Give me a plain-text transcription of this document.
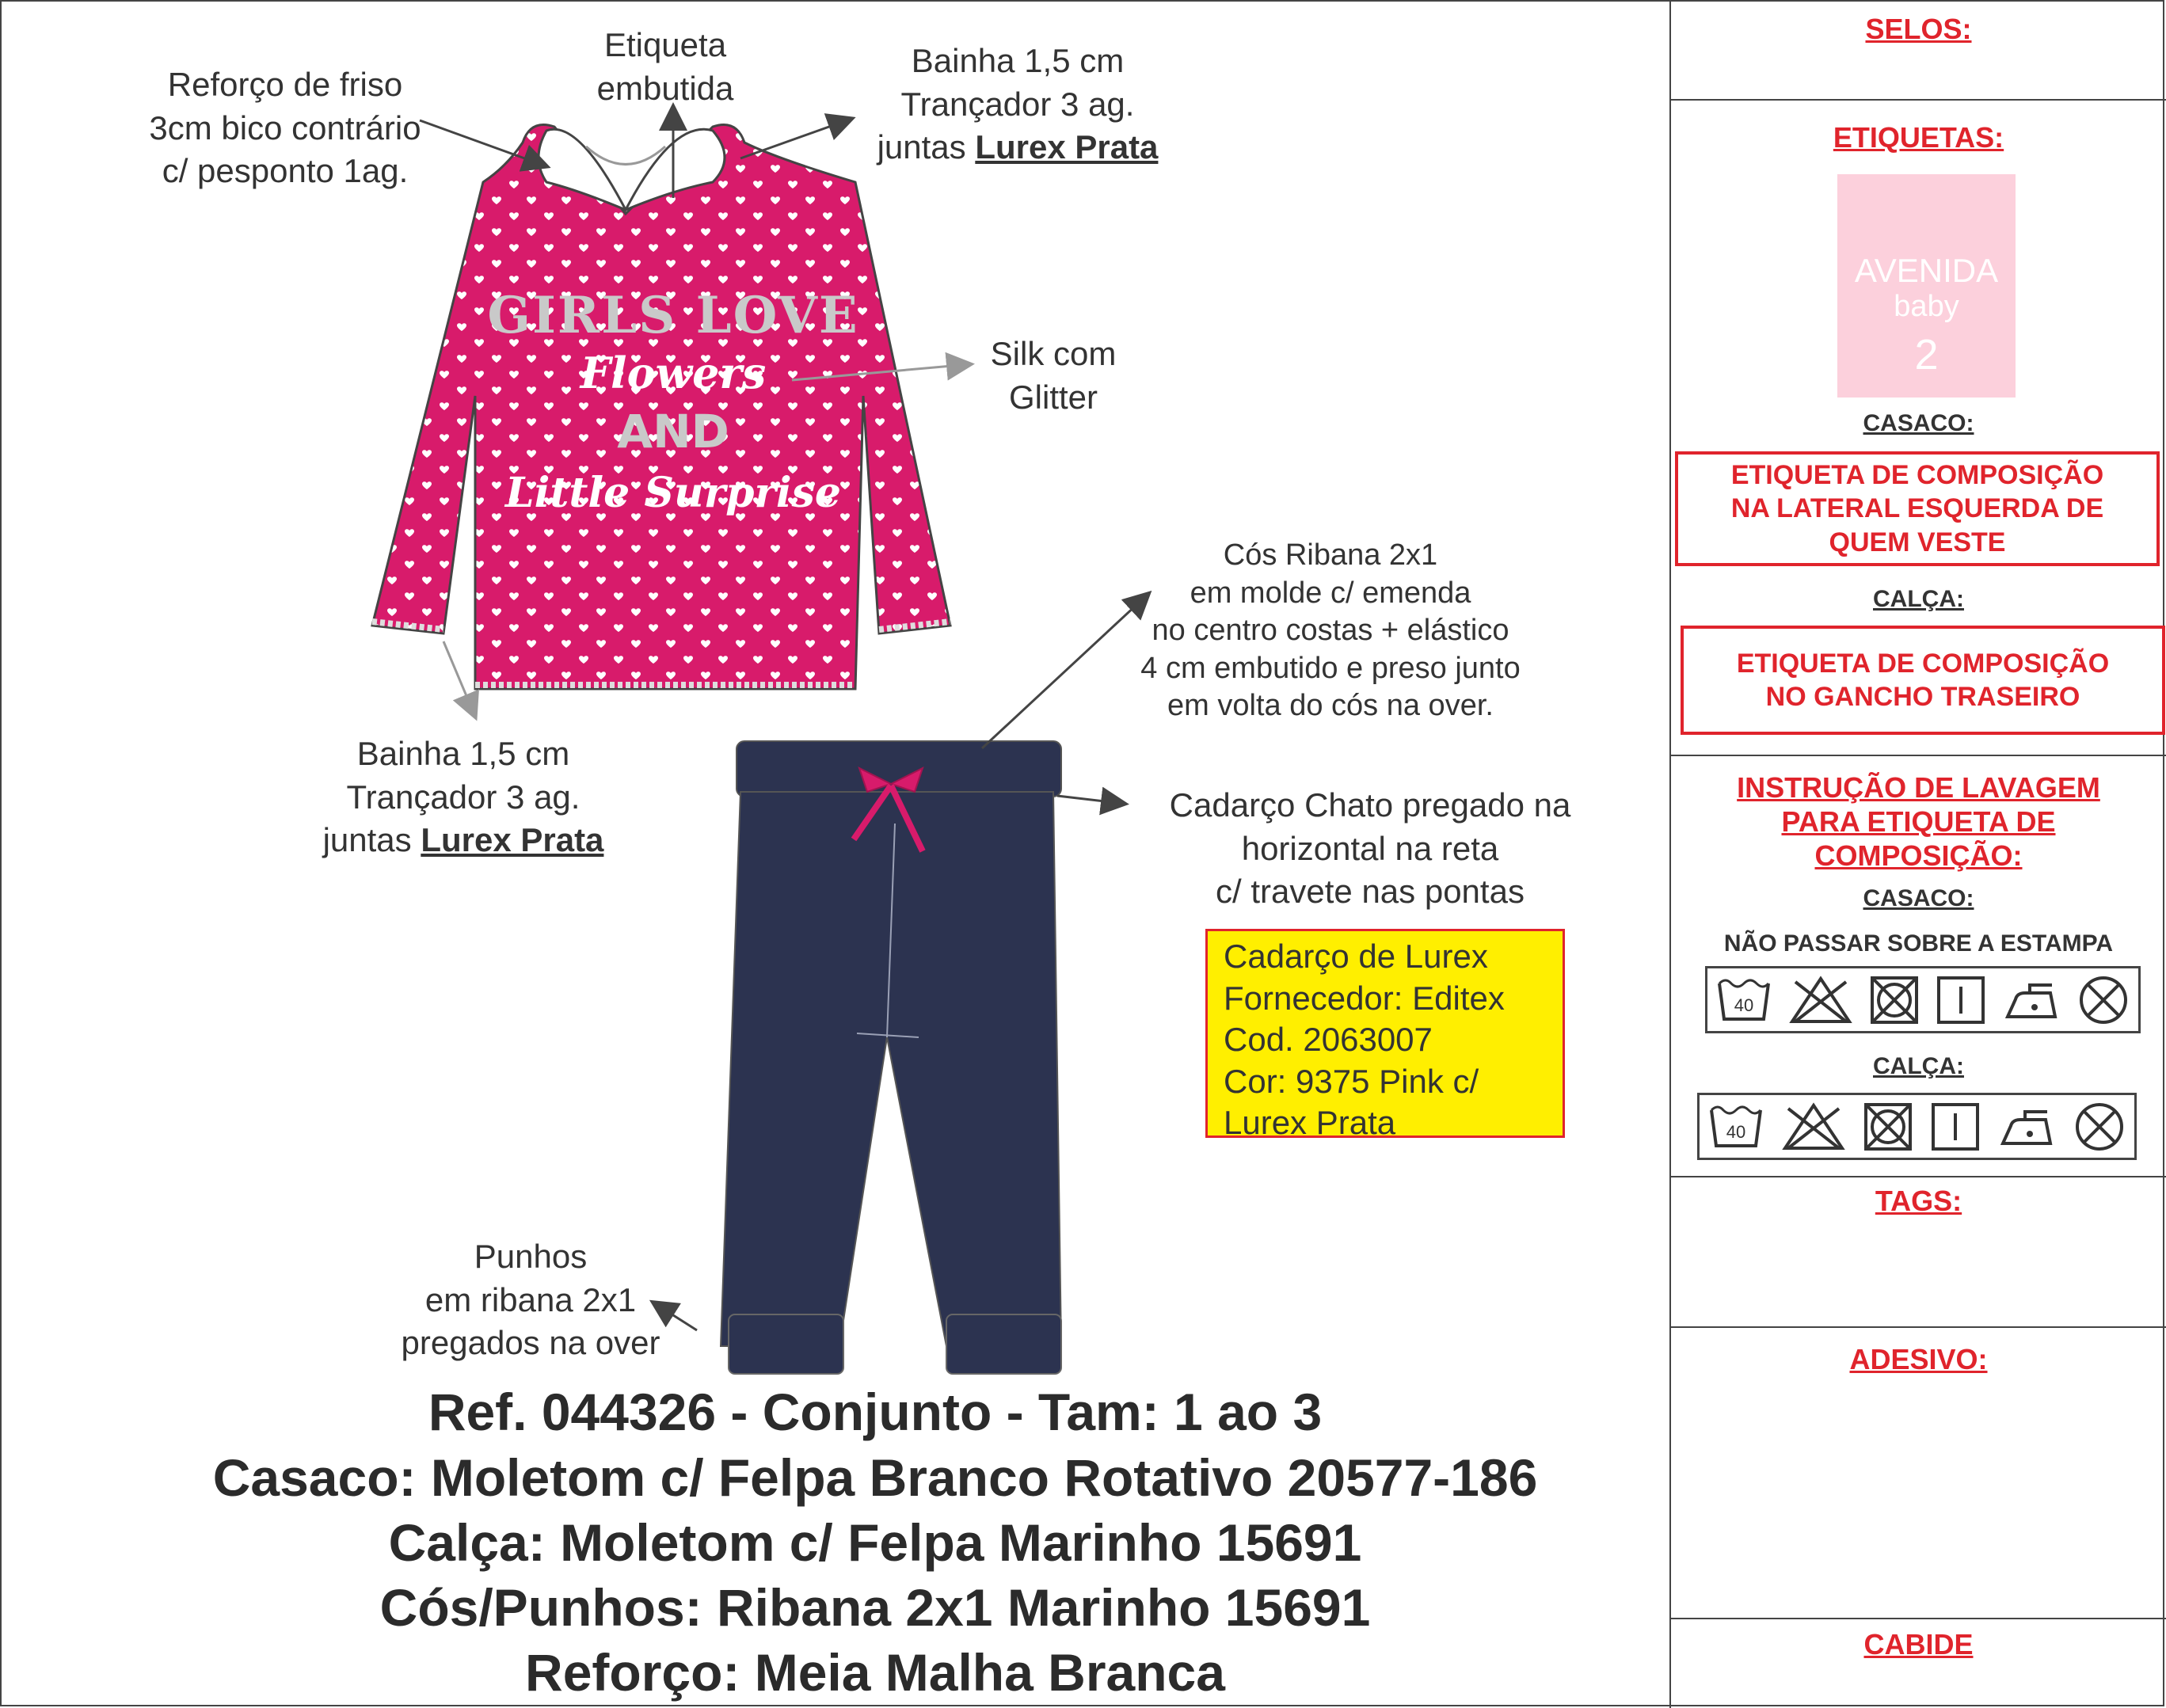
GIRLS LOVE
Flowers
AND
Little Surprise
Reforço de friso
3cm bico contrário
c/ pesponto 1ag.
Etiqueta
embutida
Bainha 1,5 cm
Trançador 3 ag.
juntas Lurex Prata
Silk com
Glitter
Bainha 1,5 cm
Trançador 3 ag.
juntas Lurex Prata
Cós Ribana 2x1
em molde c/ emenda
no centro costas + elástico
4 cm embutido e preso junto
em volta do cós na over.
Cadarço Chato pregado na
horizontal na reta
c/ travete nas pontas
Punhos
em ribana 2x1
pregados na over
Cadarço de Lurex
Fornecedor: Editex
Cod. 2063007
Cor: 9375 Pink c/
Lurex Prata
Ref. 044326 - Conjunto - Tam: 1 ao 3
Casaco: Moletom c/ Felpa Branco Rotativo 20577-186
Calça: Moletom c/ Felpa Marinho 15691
Cós/Punhos: Ribana 2x1 Marinho 15691
Reforço: Meia Malha Branca
SELOS:
ETIQUETAS:
AVENIDA
baby
2
CASACO:
ETIQUETA DE COMPOSIÇÃO
NA LATERAL ESQUERDA DE
QUEM VESTE
CALÇA:
ETIQUETA DE COMPOSIÇÃO
NO GANCHO TRASEIRO
INSTRUÇÃO DE LAVAGEM
PARA ETIQUETA DE
COMPOSIÇÃO:
CASACO:
NÃO PASSAR SOBRE A ESTAMPA
40
CALÇA:
40
TAGS:
ADESIVO:
CABIDE
